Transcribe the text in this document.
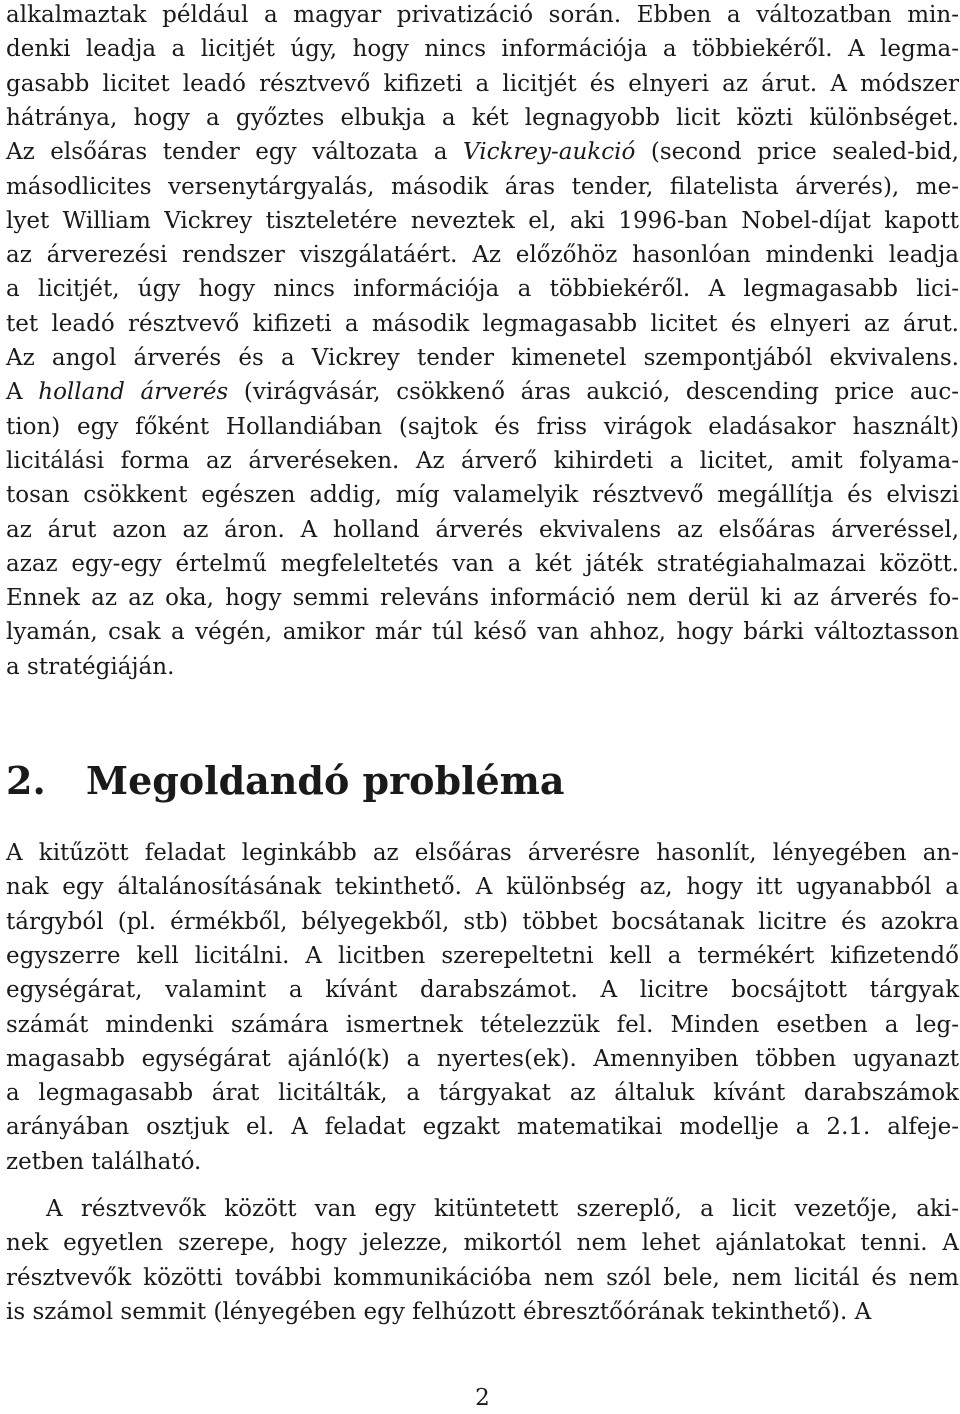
alkalmaztak például a magyar privatizáció során. Ebben a változatban min-
denki leadja a licitjét úgy, hogy nincs információja a többiekéről. A legma-
gasabb licitet leadó résztvevő kifizeti a licitjét és elnyeri az árut. A módszer
hátránya, hogy a győztes elbukja a két legnagyobb licit közti különbséget.
Az elsőáras tender egy változata a Vickrey-aukció (second price sealed-bid,
másodlicites versenytárgyalás, második áras tender, filatelista árverés), me-
lyet William Vickrey tiszteletére neveztek el, aki 1996-ban Nobel-díjat kapott
az árverezési rendszer viszgálatáért. Az előzőhöz hasonlóan mindenki leadja
a licitjét, úgy hogy nincs információja a többiekéről. A legmagasabb lici-
tet leadó résztvevő kifizeti a második legmagasabb licitet és elnyeri az árut.
Az angol árverés és a Vickrey tender kimenetel szempontjából ekvivalens.
A holland árverés (virágvásár, csökkenő áras aukció, descending price auc-
tion) egy főként Hollandiában (sajtok és friss virágok eladásakor használt)
licitálási forma az árveréseken. Az árverő kihirdeti a licitet, amit folyama-
tosan csökkent egészen addig, míg valamelyik résztvevő megállítja és elviszi
az árut azon az áron. A holland árverés ekvivalens az elsőáras árveréssel,
azaz egy-egy értelmű megfeleltetés van a két játék stratégiahalmazai között.
Ennek az az oka, hogy semmi releváns információ nem derül ki az árverés fo-
lyamán, csak a végén, amikor már túl késő van ahhoz, hogy bárki változtasson
a stratégiáján.
2. Megoldandó probléma
A kitűzött feladat leginkább az elsőáras árverésre hasonlít, lényegében an-
nak egy általánosításának tekinthető. A különbség az, hogy itt ugyanabból a
tárgyból (pl. érmékből, bélyegekből, stb) többet bocsátanak licitre és azokra
egyszerre kell licitálni. A licitben szerepeltetni kell a termékért kifizetendő
egységárat, valamint a kívánt darabszámot. A licitre bocsájtott tárgyak
számát mindenki számára ismertnek tételezzük fel. Minden esetben a leg-
magasabb egységárat ajánló(k) a nyertes(ek). Amennyiben többen ugyanazt
a legmagasabb árat licitálták, a tárgyakat az általuk kívánt darabszámok
arányában osztjuk el. A feladat egzakt matematikai modellje a 2.1. alfeje-
zetben található.
A résztvevők között van egy kitüntetett szereplő, a licit vezetője, aki-
nek egyetlen szerepe, hogy jelezze, mikortól nem lehet ajánlatokat tenni. A
résztvevők közötti további kommunikációba nem szól bele, nem licitál és nem
is számol semmit (lényegében egy felhúzott ébresztőórának tekinthető). A
2
